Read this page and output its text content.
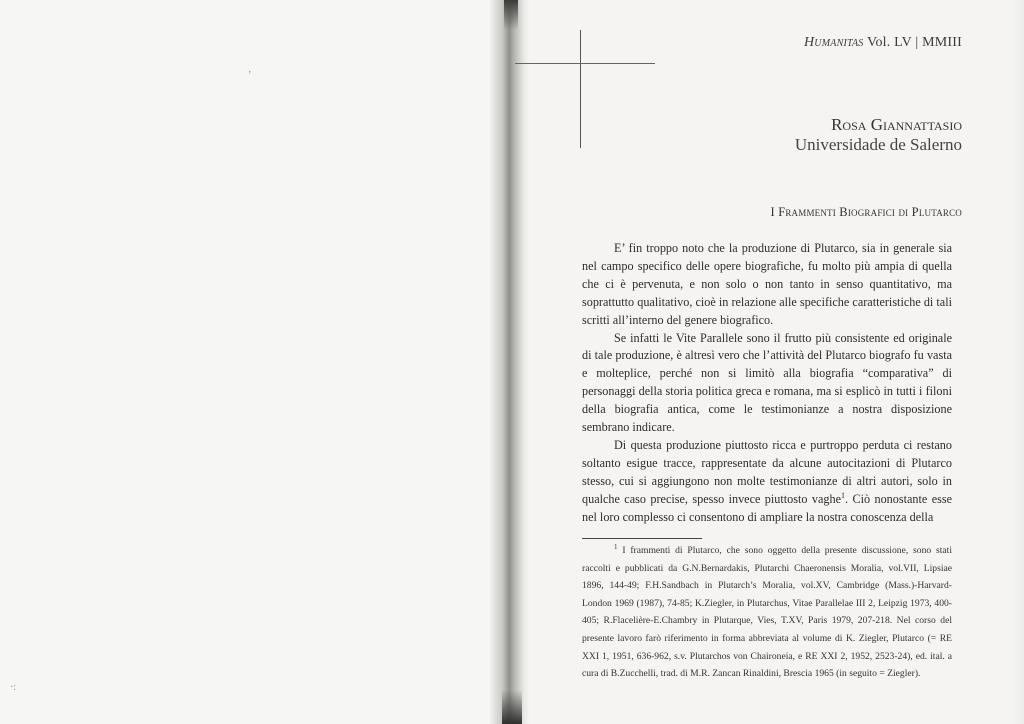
ʼ
·:
Humanitas Vol. LV | MMIII
Rosa Giannattasio
Universidade de Salerno
I Frammenti Biografici di Plutarco

E’ fin troppo noto che la produzione di Plutarco, sia in generale sia nel campo specifico delle opere biografiche, fu molto più ampia di quella che ci è pervenuta, e non solo o non tanto in senso quantitativo, ma soprattutto qualitativo, cioè in relazione alle specifiche caratteristiche di tali scritti all’interno del genere biografico.

Se infatti le Vite Parallele sono il frutto più consistente ed originale di tale produzione, è altresì vero che l’attività del Plutarco biografo fu vasta e molteplice, perché non si limitò alla biografia “comparativa” di personaggi della storia politica greca e romana, ma si esplicò in tutti i filoni della biografia antica, come le testimonianze a nostra disposizione sembrano indicare.

Di questa produzione piuttosto ricca e purtroppo perduta ci restano soltanto esigue tracce, rappresentate da alcune autocitazioni di Plutarco stesso, cui si aggiungono non molte testimonianze di altri autori, solo in qualche caso precise, spesso invece piuttosto vaghe$^1$. Ciò nonostante esse nel loro complesso ci consentono di ampliare la nostra conoscenza della

$^1$ I frammenti di Plutarco, che sono oggetto della presente discussione, sono stati raccolti e pubblicati da G.N.Bernardakis, Plutarchi Chaeronensis Moralia, vol.VII, Lipsiae 1896, 144-49; F.H.Sandbach in Plutarch’s Moralia, vol.XV, Cambridge (Mass.)-Harvard-London 1969 (1987), 74-85; K.Ziegler, in Plutarchus, Vitae Parallelae III 2, Leipzig 1973, 400-405; R.Flacelière-E.Chambry in Plutarque, Vies, T.XV, Paris 1979, 207-218. Nel corso del presente lavoro farò riferimento in forma abbreviata al volume di K. Ziegler, Plutarco (= RE XXI 1, 1951, 636-962, s.v. Plutarchos von Chaironeia, e RE XXI 2, 1952, 2523-24), ed. ital. a cura di B.Zucchelli, trad. di M.R. Zancan Rinaldini, Brescia 1965 (in seguito = Ziegler).
